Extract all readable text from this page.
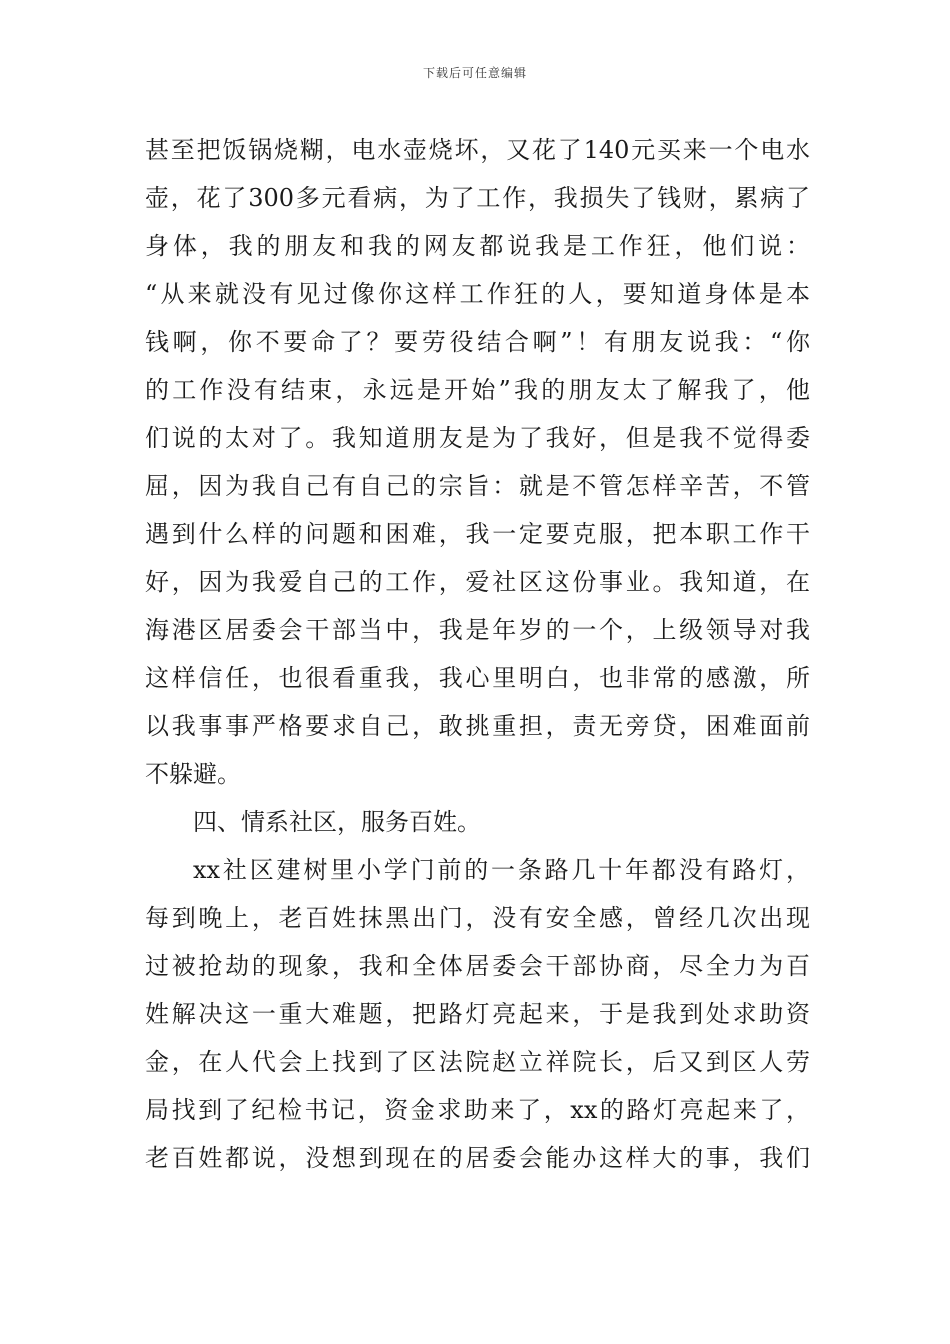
下载后可任意编辑
甚至把饭锅烧糊，电水壶烧坏，又花了140元买来一个电水
壶，花了300多元看病，为了工作，我损失了钱财，累病了
身体，我的朋友和我的网友都说我是工作狂，他们说：
“从来就没有见过像你这样工作狂的人，要知道身体是本
钱啊，你不要命了？要劳役结合啊”！有朋友说我：“你
的工作没有结束，永远是开始”我的朋友太了解我了，他
们说的太对了。我知道朋友是为了我好，但是我不觉得委
屈，因为我自己有自己的宗旨：就是不管怎样辛苦，不管
遇到什么样的问题和困难，我一定要克服，把本职工作干
好，因为我爱自己的工作，爱社区这份事业。我知道，在
海港区居委会干部当中，我是年岁的一个，上级领导对我
这样信任，也很看重我，我心里明白，也非常的感激，所
以我事事严格要求自己，敢挑重担，责无旁贷，困难面前
不躲避。
四、情系社区，服务百姓。
xx社区建树里小学门前的一条路几十年都没有路灯，
每到晚上，老百姓抹黑出门，没有安全感，曾经几次出现
过被抢劫的现象，我和全体居委会干部协商，尽全力为百
姓解决这一重大难题，把路灯亮起来，于是我到处求助资
金，在人代会上找到了区法院赵立祥院长，后又到区人劳
局找到了纪检书记，资金求助来了，xx的路灯亮起来了，
老百姓都说，没想到现在的居委会能办这样大的事，我们
